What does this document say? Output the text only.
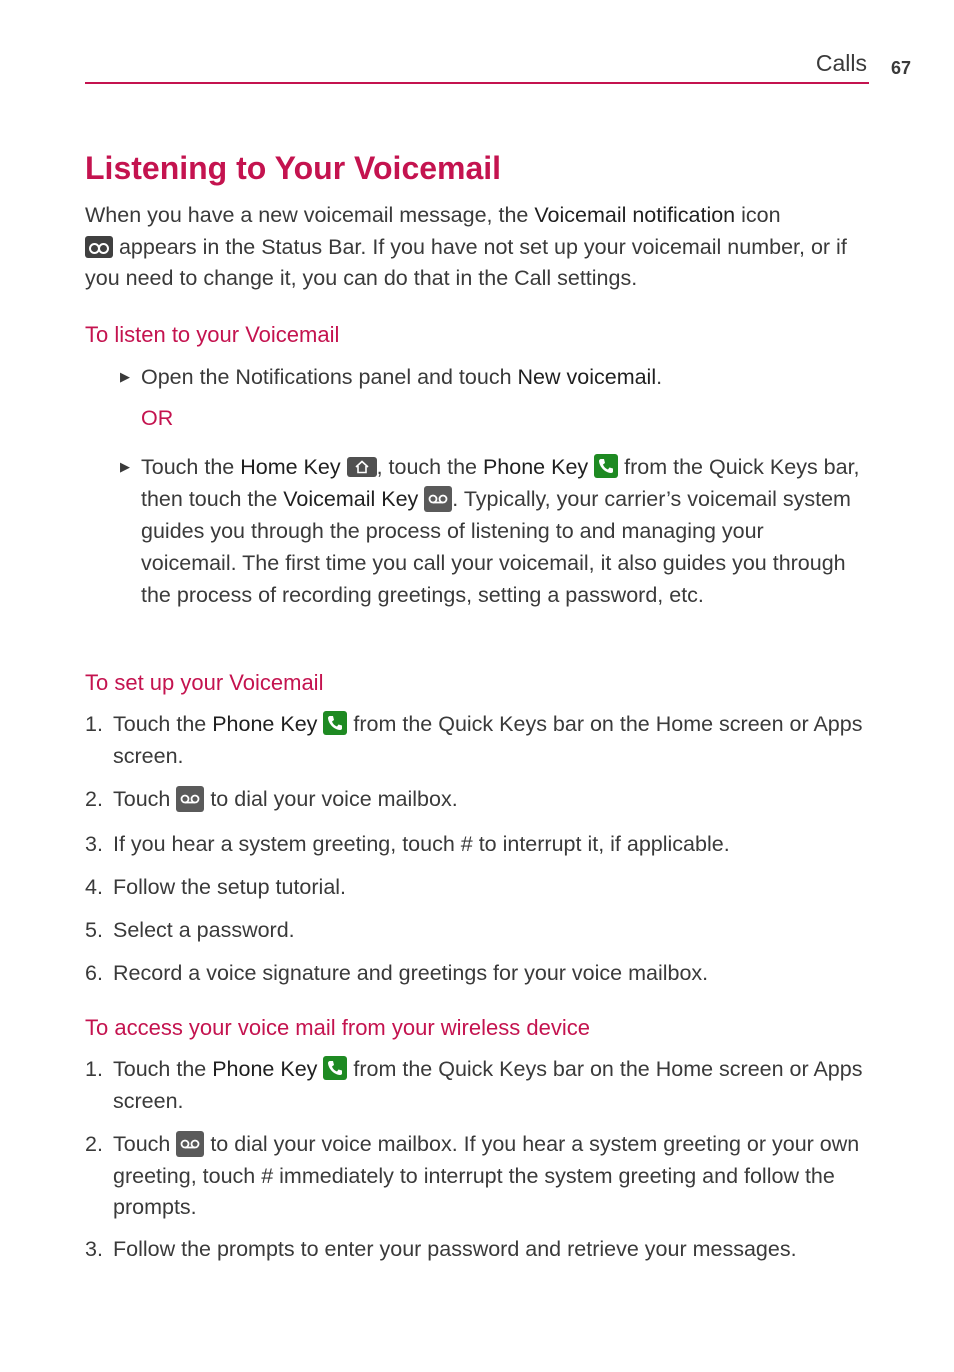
Calls 67
Listening to Your Voicemail

When you have a new voicemail message, the Voicemail notification icon
appears in the Status Bar. If you have not set up your voicemail number, or if you need to change it, you can do that in the Call settings.

To listen to your Voicemail
▶ Open the Notifications panel and touch New voicemail.
OR
▶ Touch the Home Key , touch the Phone Key
from the Quick Keys bar, then touch the Voicemail Key . Typically, your carrier’s voicemail system guides you through the process of listening to and managing your voicemail. The first time you call your voicemail, it also guides you through the process of recording greetings, setting a password, etc.
To set up your Voicemail
1. Touch the Phone Key
from the Quick Keys bar on the Home screen or Apps screen.
2. Touch
to dial your voice mailbox.
3. If you hear a system greeting, touch # to interrupt it, if applicable.
4. Follow the setup tutorial.
5. Select a password.
6. Record a voice signature and greetings for your voice mailbox.
To access your voice mail from your wireless device
1. Touch the Phone Key
from the Quick Keys bar on the Home screen or Apps screen.
2. Touch
to dial your voice mailbox. If you hear a system greeting or your own greeting, touch # immediately to interrupt the system greeting and follow the prompts.
3. Follow the prompts to enter your password and retrieve your messages.
